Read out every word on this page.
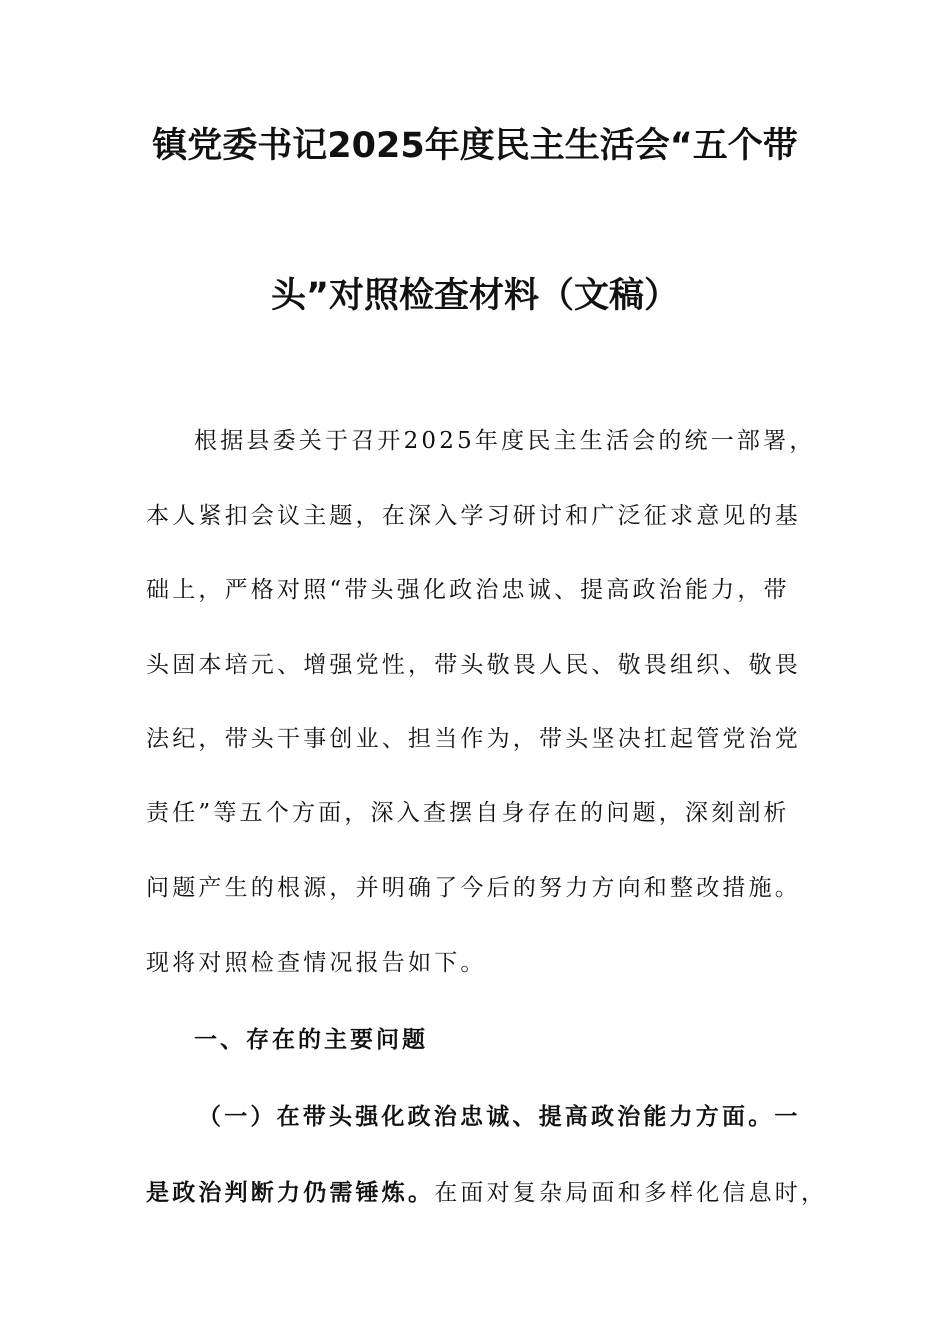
镇党委书记2025年度民主生活会“五个带
头”对照检查材料（文稿）
根据县委关于召开2025年度民主生活会的统一部署，
本人紧扣会议主题，在深入学习研讨和广泛征求意见的基
础上，严格对照“带头强化政治忠诚、提高政治能力，带
头固本培元、增强党性，带头敬畏人民、敬畏组织、敬畏
法纪，带头干事创业、担当作为，带头坚决扛起管党治党
责任”等五个方面，深入查摆自身存在的问题，深刻剖析
问题产生的根源，并明确了今后的努力方向和整改措施。
现将对照检查情况报告如下。
一、存在的主要问题
（一）在带头强化政治忠诚、提高政治能力方面。一
是政治判断力仍需锤炼。在面对复杂局面和多样化信息时，
